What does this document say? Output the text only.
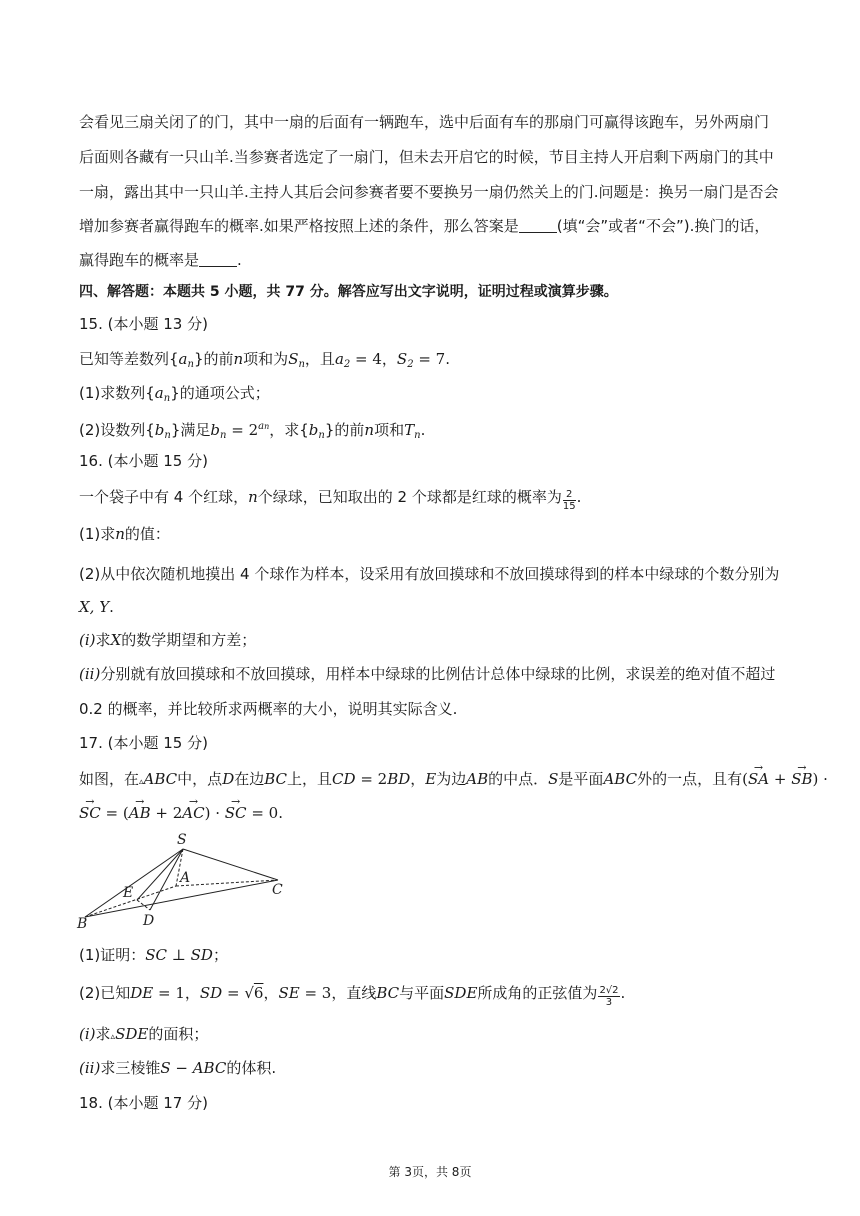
会看见三扇关闭了的门，其中一扇的后面有一辆跑车，选中后面有车的那扇门可赢得该跑车，另外两扇门
后面则各藏有一只山羊.当参赛者选定了一扇门，但未去开启它的时候，节目主持人开启剩下两扇门的其中
一扇，露出其中一只山羊.主持人其后会问参赛者要不要换另一扇仍然关上的门.问题是：换另一扇门是否会
增加参赛者赢得跑车的概率.如果严格按照上述的条件，那么答案是	(填“会”或者“不会”).换门的话，
赢得跑车的概率是	.
四、解答题：本题共 5 小题，共 77 分。解答应写出文字说明，证明过程或演算步骤。
15. (本小题 13 分)
已知等差数列$\{a_n\}$的前n项和为$S_n$，且$a_2 = 4$，$S_2 = 7$.
(1)求数列$\{a_n\}$的通项公式；
(2)设数列$\{b_n\}$满足$b_n = 2^{an}$，求$\{b_n\}$的前n项和$T_n$.
16. (本小题 15 分)
一个袋子中有 4 个红球，n个绿球，已知取出的 2 个球都是红球的概率为 $\frac{2}{15}$ .
(1)求n的值：
(2)从中依次随机地摸出 4 个球作为样本，设采用有放回摸球和不放回摸球得到的样本中绿球的个数分别为
X, Y.
(i)求X的数学期望和方差；
(ii)分别就有放回摸球和不放回摸球，用样本中绿球的比例估计总体中绿球的比例，求误差的绝对值不超过
0.2 的概率，并比较所求两概率的大小，说明其实际含义.
17. (本小题 15 分)
如图，在▵ABC中，点D在边BC上，且CD = 2BD，E为边AB的中点．S是平面ABC外的一点，且有(→ SA + → SB) ·
→ SC = (→ AB + 2→ AC) · → SC = 0.
S
A
E	C
B	D
(1)证明：SC ⊥ SD；
(2)已知DE = 1，SD = √6，SE = 3，直线BC与平面SDE所成角的正弦值为 $\frac{2√2}{3}$ .
(i)求▵SDE的面积；
(ii)求三棱锥S − ABC的体积.
18. (本小题 17 分)
第 3页，共 8页
